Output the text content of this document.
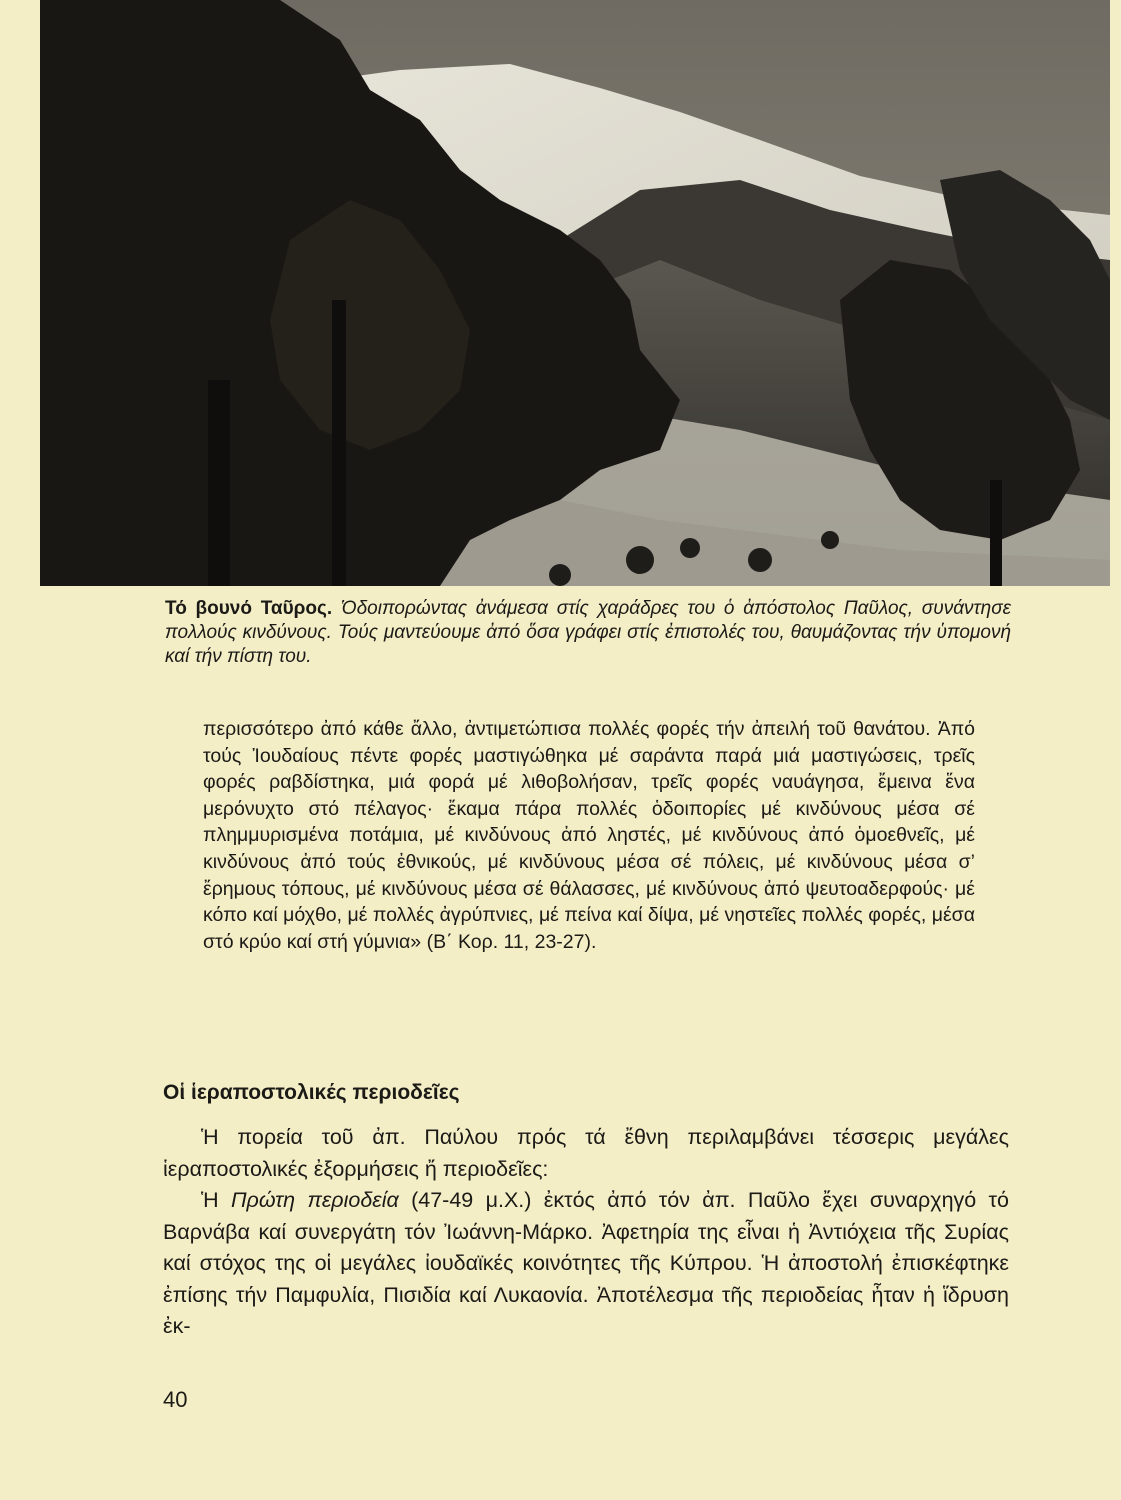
Τό βουνό Ταῦρος. Ὁδοιπορώντας ἀνάμεσα στίς χαράδρες του ὁ ἀπόστολος Παῦλος, συνάντησε πολλούς κινδύνους. Τούς μαντεύουμε ἀπό ὅσα γράφει στίς ἐπιστολές του, θαυμάζοντας τήν ὑπομονή καί τήν πίστη του.
περισσότερο ἀπό κάθε ἄλλο, ἀντιμετώπισα πολλές φορές τήν ἀπειλή τοῦ θανάτου. Ἀπό τούς Ἰουδαίους πέντε φορές μαστιγώθηκα μέ σαράντα παρά μιά μαστιγώσεις, τρεῖς φορές ραβδίστηκα, μιά φορά μέ λιθοβολήσαν, τρεῖς φορές ναυάγησα, ἔμεινα ἕνα μερόνυχτο στό πέλαγος· ἔκαμα πάρα πολλές ὁδοιπορίες μέ κινδύνους μέσα σέ πλημμυρισμένα ποτάμια, μέ κινδύνους ἀπό ληστές, μέ κινδύνους ἀπό ὁμοεθνεῖς, μέ κινδύνους ἀπό τούς ἐθνικούς, μέ κινδύνους μέσα σέ πόλεις, μέ κινδύνους μέσα σ’ ἔρημους τόπους, μέ κινδύνους μέσα σέ θάλασσες, μέ κινδύνους ἀπό ψευτοαδερφούς· μέ κόπο καί μόχθο, μέ πολλές ἀγρύπνιες, μέ πείνα καί δίψα, μέ νηστεῖες πολλές φορές, μέσα στό κρύο καί στή γύμνια» (Β΄ Κορ. 11, 23-27).
Οἱ ἱεραποστολικές περιοδεῖες

Ἡ πορεία τοῦ ἀπ. Παύλου πρός τά ἔθνη περιλαμβάνει τέσσερις μεγάλες ἱεραποστολικές ἐξορμήσεις ἤ περιοδεῖες:

Ἡ Πρώτη περιοδεία (47-49 μ.Χ.) ἐκτός ἀπό τόν ἀπ. Παῦλο ἔχει συναρχηγό τό Βαρνάβα καί συνεργάτη τόν Ἰωάννη-Μάρκο. Ἀφετηρία της εἶναι ἡ Ἀντιόχεια τῆς Συρίας καί στόχος της οἱ μεγάλες ἰουδαϊκές κοινότητες τῆς Κύπρου. Ἡ ἀποστολή ἐπισκέφτηκε ἐπίσης τήν Παμφυλία, Πισιδία καί Λυκαονία. Ἀποτέλεσμα τῆς περιοδείας ἦταν ἡ ἵδρυση ἐκ-

40
